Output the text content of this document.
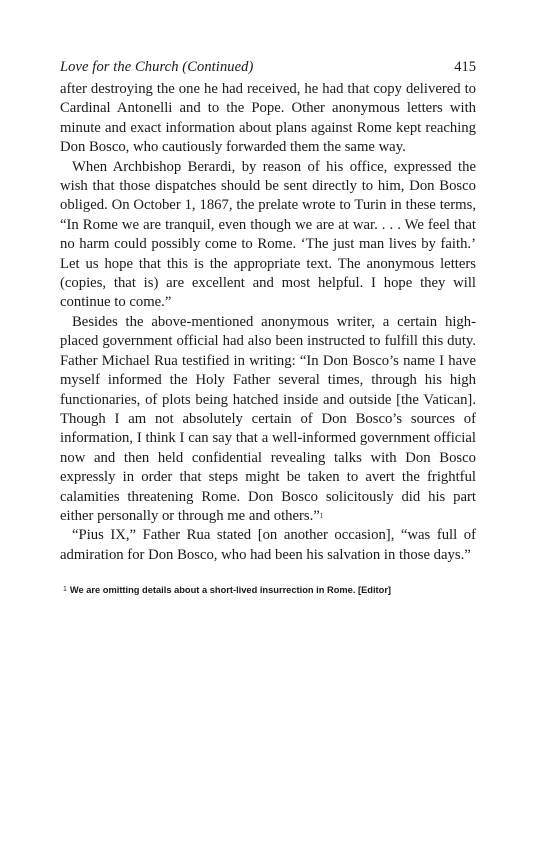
Love for the Church (Continued)	415

after destroying the one he had received, he had that copy delivered to Cardinal Antonelli and to the Pope. Other anonymous letters with minute and exact information about plans against Rome kept reaching Don Bosco, who cautiously forwarded them the same way.

When Archbishop Berardi, by reason of his office, expressed the wish that those dispatches should be sent directly to him, Don Bosco obliged. On October 1, 1867, the prelate wrote to Turin in these terms, “In Rome we are tranquil, even though we are at war. . . . We feel that no harm could possibly come to Rome. ‘The just man lives by faith.’ Let us hope that this is the appropriate text. The anonymous letters (copies, that is) are excellent and most helpful. I hope they will continue to come.”

Besides the above-mentioned anonymous writer, a certain high-placed government official had also been instructed to fulfill this duty. Father Michael Rua testified in writing: “In Don Bosco’s name I have myself informed the Holy Father several times, through his high functionaries, of plots being hatched inside and outside [the Vatican]. Though I am not absolutely certain of Don Bosco’s sources of information, I think I can say that a well-informed government official now and then held confidential revealing talks with Don Bosco expressly in order that steps might be taken to avert the frightful calamities threatening Rome. Don Bosco solicitously did his part either personally or through me and others.”$^1$

“Pius IX,” Father Rua stated [on another occasion], “was full of admiration for Don Bosco, who had been his salvation in those days.”

$^1$ We are omitting details about a short-lived insurrection in Rome. [Editor]
